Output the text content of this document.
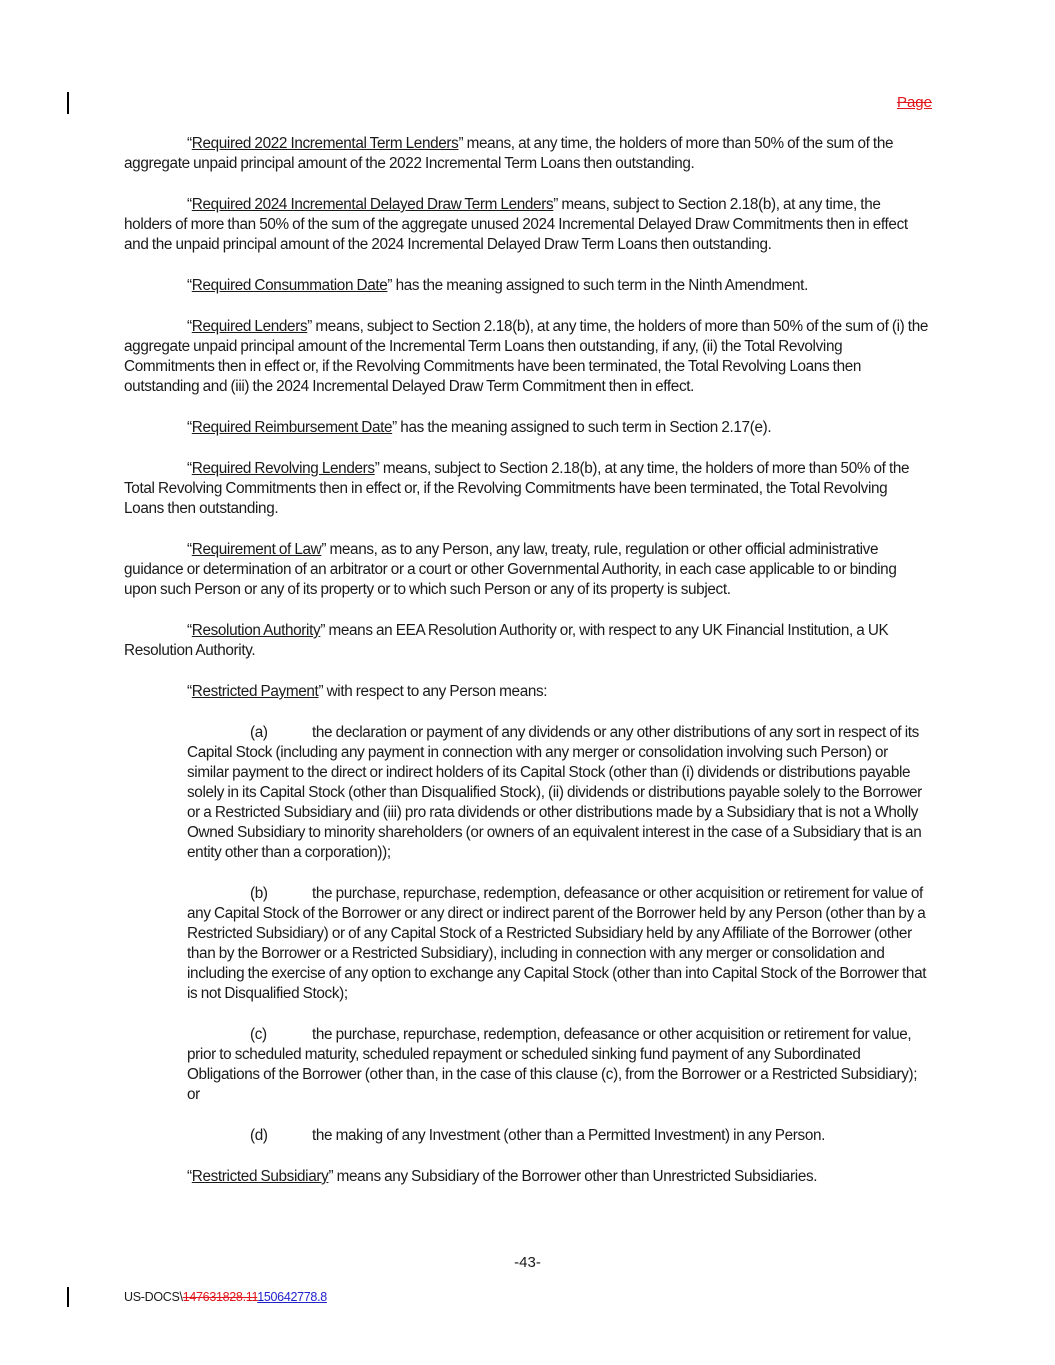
Page

“Required 2022 Incremental Term Lenders” means, at any time, the holders of more than 50% of the sum of the aggregate unpaid principal amount of the 2022 Incremental Term Loans then outstanding.

“Required 2024 Incremental Delayed Draw Term Lenders” means, subject to Section 2.18(b), at any time, the holders of more than 50% of the sum of the aggregate unused 2024 Incremental Delayed Draw Commitments then in effect and the unpaid principal amount of the 2024 Incremental Delayed Draw Term Loans then outstanding.

“Required Consummation Date” has the meaning assigned to such term in the Ninth Amendment.

“Required Lenders” means, subject to Section 2.18(b), at any time, the holders of more than 50% of the sum of (i) the aggregate unpaid principal amount of the Incremental Term Loans then outstanding, if any, (ii) the Total Revolving Commitments then in effect or, if the Revolving Commitments have been terminated, the Total Revolving Loans then outstanding and (iii) the 2024 Incremental Delayed Draw Term Commitment then in effect.

“Required Reimbursement Date” has the meaning assigned to such term in Section 2.17(e).

“Required Revolving Lenders” means, subject to Section 2.18(b), at any time, the holders of more than 50% of the Total Revolving Commitments then in effect or, if the Revolving Commitments have been terminated, the Total Revolving Loans then outstanding.

“Requirement of Law” means, as to any Person, any law, treaty, rule, regulation or other official administrative guidance or determination of an arbitrator or a court or other Governmental Authority, in each case applicable to or binding upon such Person or any of its property or to which such Person or any of its property is subject.

“Resolution Authority” means an EEA Resolution Authority or, with respect to any UK Financial Institution, a UK Resolution Authority.

“Restricted Payment” with respect to any Person means:

(a)	the declaration or payment of any dividends or any other distributions of any sort in respect of its Capital Stock (including any payment in connection with any merger or consolidation involving such Person) or similar payment to the direct or indirect holders of its Capital Stock (other than (i) dividends or distributions payable solely in its Capital Stock (other than Disqualified Stock), (ii) dividends or distributions payable solely to the Borrower or a Restricted Subsidiary and (iii) pro rata dividends or other distributions made by a Subsidiary that is not a Wholly Owned Subsidiary to minority shareholders (or owners of an equivalent interest in the case of a Subsidiary that is an entity other than a corporation));

(b)	the purchase, repurchase, redemption, defeasance or other acquisition or retirement for value of any Capital Stock of the Borrower or any direct or indirect parent of the Borrower held by any Person (other than by a Restricted Subsidiary) or of any Capital Stock of a Restricted Subsidiary held by any Affiliate of the Borrower (other than by the Borrower or a Restricted Subsidiary), including in connection with any merger or consolidation and including the exercise of any option to exchange any Capital Stock (other than into Capital Stock of the Borrower that is not Disqualified Stock);

(c)	the purchase, repurchase, redemption, defeasance or other acquisition or retirement for value, prior to scheduled maturity, scheduled repayment or scheduled sinking fund payment of any Subordinated Obligations of the Borrower (other than, in the case of this clause (c), from the Borrower or a Restricted Subsidiary); or

(d)	the making of any Investment (other than a Permitted Investment) in any Person.

“Restricted Subsidiary” means any Subsidiary of the Borrower other than Unrestricted Subsidiaries.

-43-
US-DOCS\147631828.11150642778.8
